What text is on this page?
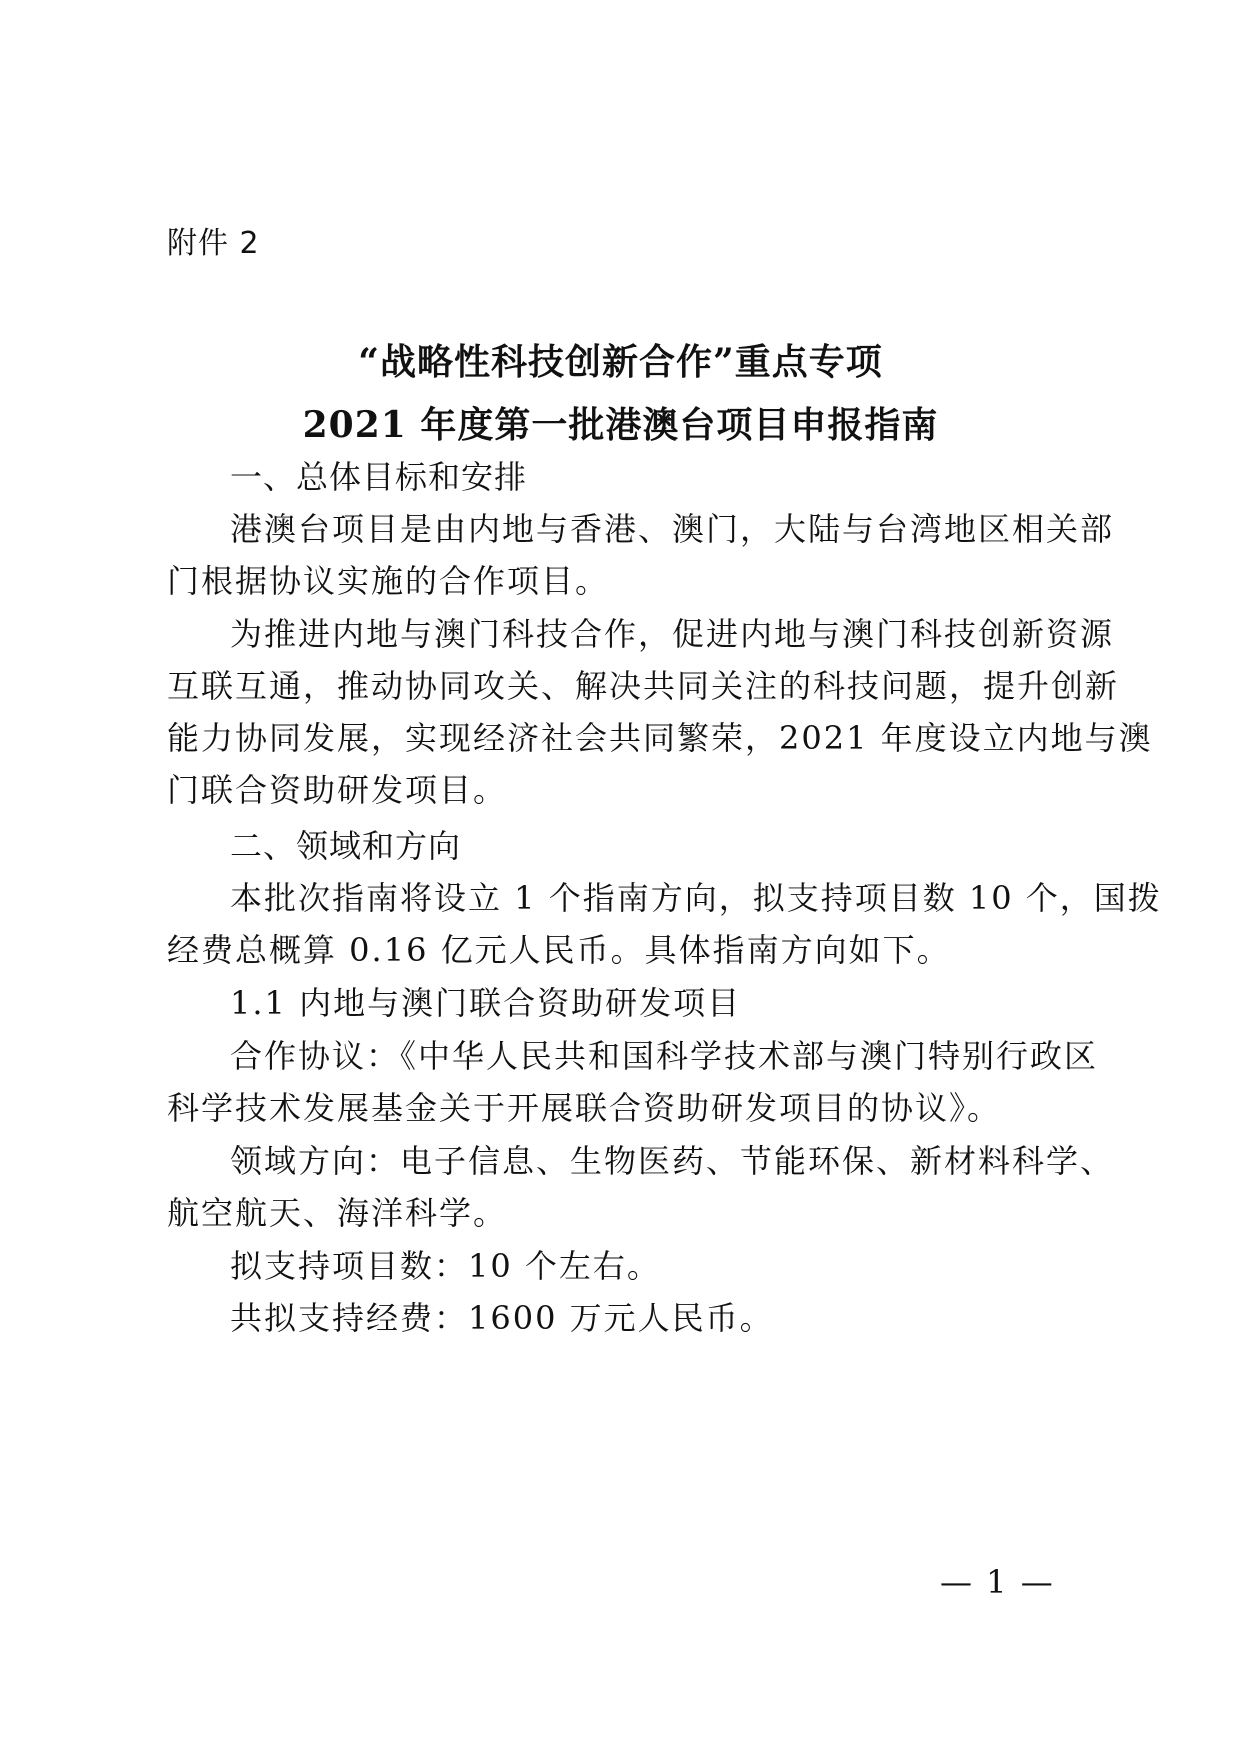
附件 2
“战略性科技创新合作”重点专项
2021 年度第一批港澳台项目申报指南
一、总体目标和安排
港澳台项目是由内地与香港、澳门，大陆与台湾地区相关部
门根据协议实施的合作项目。
为推进内地与澳门科技合作，促进内地与澳门科技创新资源
互联互通，推动协同攻关、解决共同关注的科技问题，提升创新
能力协同发展，实现经济社会共同繁荣，2021 年度设立内地与澳
门联合资助研发项目。
二、领域和方向
本批次指南将设立 1 个指南方向，拟支持项目数 10 个，国拨
经费总概算 0.16 亿元人民币。具体指南方向如下。
1.1 内地与澳门联合资助研发项目
合作协议：《中华人民共和国科学技术部与澳门特别行政区
科学技术发展基金关于开展联合资助研发项目的协议》。
领域方向：电子信息、生物医药、节能环保、新材料科学、
航空航天、海洋科学。
拟支持项目数：10 个左右。
共拟支持经费：1600 万元人民币。
— 1 —
